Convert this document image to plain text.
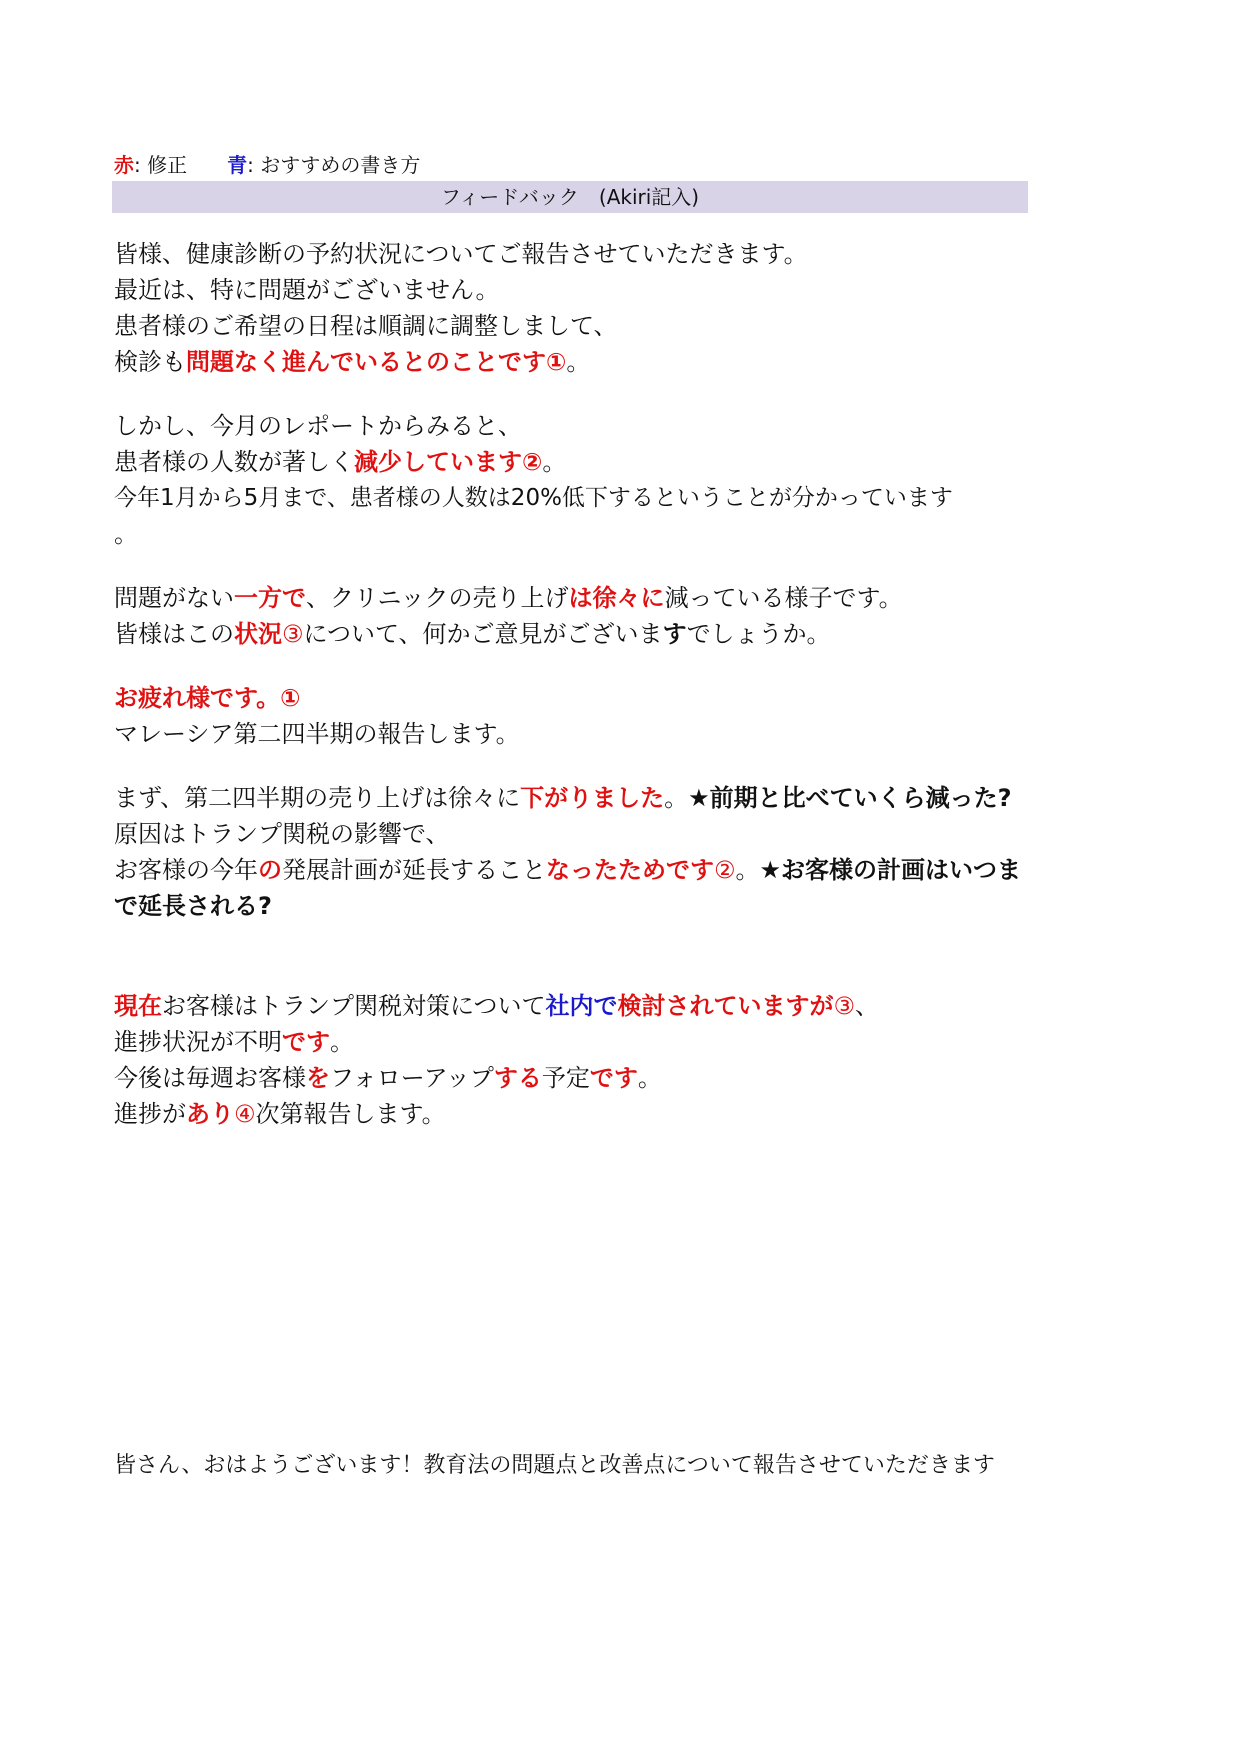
赤: 修正 青: おすすめの書き方
フィードバック　(Akiri記入)
皆様、健康診断の予約状況についてご報告させていただきます。
最近は、特に問題がございません。
患者様のご希望の日程は順調に調整しまして、
検診も問題なく進んでいるとのことです①。
しかし、今月のレポートからみると、
患者様の人数が著しく減少しています②。
今年1月から5月まで、患者様の人数は20%低下するということが分かっています
。
問題がない一方で、クリニックの売り上げは徐々に減っている様子です。
皆様はこの状況③について、何かご意見がございますでしょうか。
お疲れ様です。①
マレーシア第二四半期の報告します。
まず、第二四半期の売り上げは徐々に下がりました。★前期と比べていくら減った?
原因はトランプ関税の影響で、
お客様の今年の発展計画が延長することなったためです②。★お客様の計画はいつまで延長される?
現在お客様はトランプ関税対策について社内で検討されていますが③、
進捗状況が不明です。
今後は毎週お客様をフォローアップする予定です。
進捗があり④次第報告します。
皆さん、おはようございます！教育法の問題点と改善点について報告させていただきます
